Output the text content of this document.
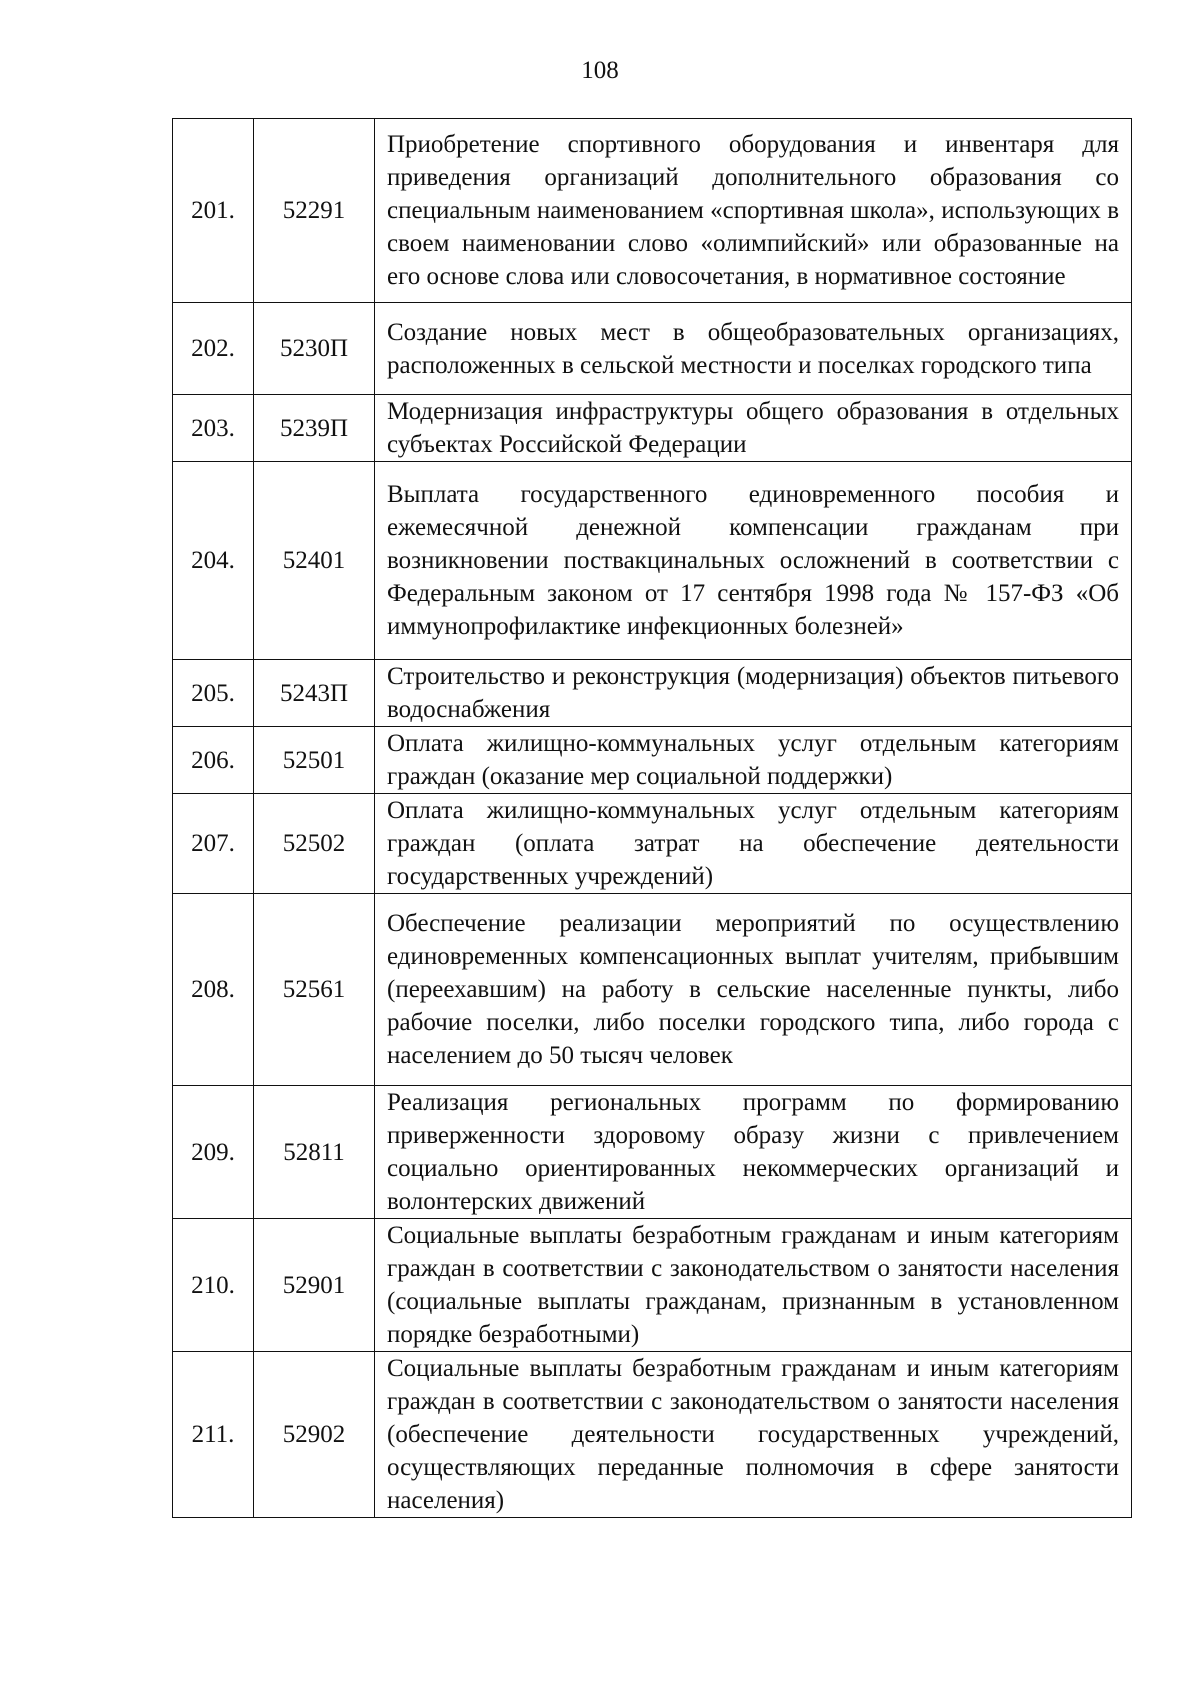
108
201.	52291	Приобретение спортивного оборудования и инвентаря для приведения организаций дополнительного образования со специальным наименованием «спортивная школа», использующих в своем наименовании слово «олимпийский» или образованные на его основе слова или словосочетания, в нормативное состояние
202.	5230П	Создание новых мест в общеобразовательных организациях, расположенных в сельской местности и поселках городского типа
203.	5239П	Модернизация инфраструктуры общего образования в отдельных субъектах Российской Федерации
204.	52401	Выплата государственного единовременного пособия и ежемесячной денежной компенсации гражданам при возникновении поствакцинальных осложнений в соответствии с Федеральным законом от 17 сентября 1998 года № 157-ФЗ «Об иммунопрофилактике инфекционных болезней»
205.	5243П	Строительство и реконструкция (модернизация) объектов питьевого водоснабжения
206.	52501	Оплата жилищно-коммунальных услуг отдельным категориям граждан (оказание мер социальной поддержки)
207.	52502	Оплата жилищно-коммунальных услуг отдельным категориям граждан (оплата затрат на обеспечение деятельности государственных учреждений)
208.	52561	Обеспечение реализации мероприятий по осуществлению единовременных компенсационных выплат учителям, прибывшим (переехавшим) на работу в сельские населенные пункты, либо рабочие поселки, либо поселки городского типа, либо города с населением до 50 тысяч человек
209.	52811	Реализация региональных программ по формированию приверженности здоровому образу жизни с привлечением социально ориентированных некоммерческих организаций и волонтерских движений
210.	52901	Социальные выплаты безработным гражданам и иным категориям граждан в соответствии с законодательством о занятости населения (социальные выплаты гражданам, признанным в установленном порядке безработными)
211.	52902	Социальные выплаты безработным гражданам и иным категориям граждан в соответствии с законодательством о занятости населения (обеспечение деятельности государственных учреждений, осуществляющих переданные полномочия в сфере занятости населения)
